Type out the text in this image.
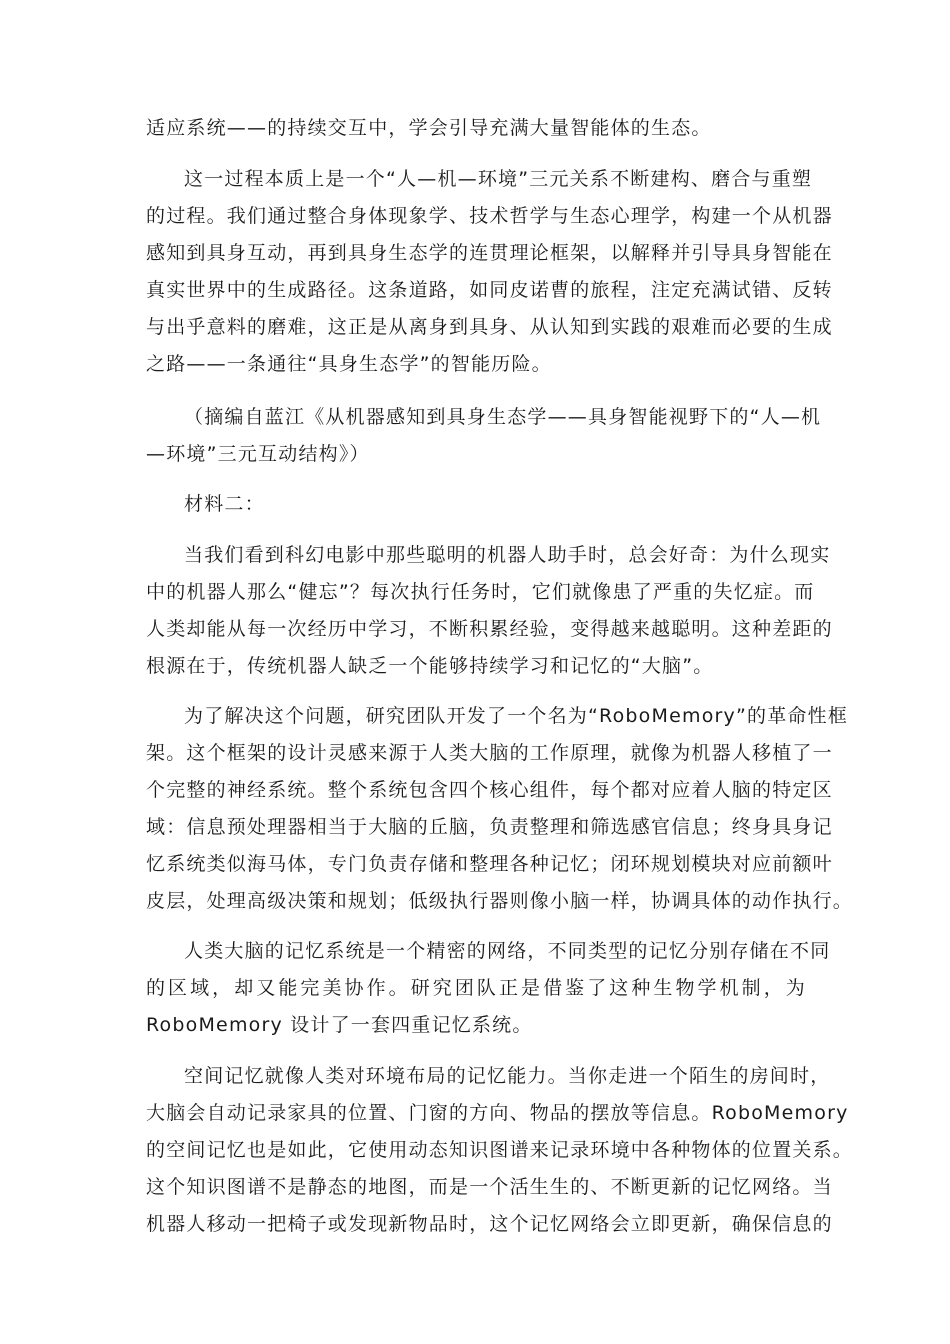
适应系统——的持续交互中，学会引导充满大量智能体的生态。
这一过程本质上是一个“人—机—环境”三元关系不断建构、磨合与重塑
的过程。我们通过整合身体现象学、技术哲学与生态心理学，构建一个从机器
感知到具身互动，再到具身生态学的连贯理论框架，以解释并引导具身智能在
真实世界中的生成路径。这条道路，如同皮诺曹的旅程，注定充满试错、反转
与出乎意料的磨难，这正是从离身到具身、从认知到实践的艰难而必要的生成
之路——一条通往“具身生态学”的智能历险。
（摘编自蓝江《从机器感知到具身生态学——具身智能视野下的“人—机
—环境”三元互动结构》）
材料二：
当我们看到科幻电影中那些聪明的机器人助手时，总会好奇：为什么现实
中的机器人那么“健忘”？每次执行任务时，它们就像患了严重的失忆症。而
人类却能从每一次经历中学习，不断积累经验，变得越来越聪明。这种差距的
根源在于，传统机器人缺乏一个能够持续学习和记忆的“大脑”。
为了解决这个问题，研究团队开发了一个名为“RoboMemory”的革命性框
架。这个框架的设计灵感来源于人类大脑的工作原理，就像为机器人移植了一
个完整的神经系统。整个系统包含四个核心组件，每个都对应着人脑的特定区
域：信息预处理器相当于大脑的丘脑，负责整理和筛选感官信息；终身具身记
忆系统类似海马体，专门负责存储和整理各种记忆；闭环规划模块对应前额叶
皮层，处理高级决策和规划；低级执行器则像小脑一样，协调具体的动作执行。
人类大脑的记忆系统是一个精密的网络，不同类型的记忆分别存储在不同
的区域，却又能完美协作。研究团队正是借鉴了这种生物学机制，为
RoboMemory 设计了一套四重记忆系统。
空间记忆就像人类对环境布局的记忆能力。当你走进一个陌生的房间时，
大脑会自动记录家具的位置、门窗的方向、物品的摆放等信息。RoboMemory
的空间记忆也是如此，它使用动态知识图谱来记录环境中各种物体的位置关系。
这个知识图谱不是静态的地图，而是一个活生生的、不断更新的记忆网络。当
机器人移动一把椅子或发现新物品时，这个记忆网络会立即更新，确保信息的
